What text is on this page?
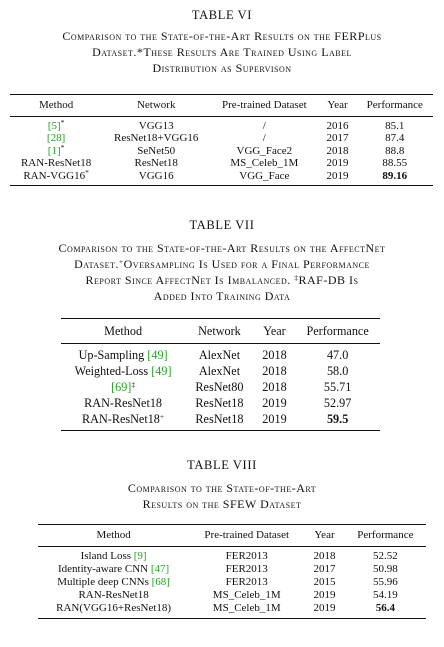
TABLE VI

Comparison to the State-of-the-Art Results on the FERPlus
Dataset.*These Results Are Trained Using Label
Distribution as Supervison

Method	Network	Pre-trained Dataset	Year	Performance
[5]*	VGG13	/	2016	85.1
[28]	ResNet18+VGG16	/	2017	87.4
[1]*	SeNet50	VGG_Face2	2018	88.8
RAN-ResNet18	ResNet18	MS_Celeb_1M	2019	88.55
RAN-VGG16*	VGG16	VGG_Face	2019	89.16

TABLE VII

Comparison to the State-of-the-Art Results on the AffectNet
Dataset.+Oversampling Is Used for a Final Performance
Report Since AffectNet Is Imbalanced. ‡RAF-DB Is
Added Into Training Data

Method	Network	Year	Performance
Up-Sampling [49]	AlexNet	2018	47.0
Weighted-Loss [49]	AlexNet	2018	58.0
[69]‡	ResNet80	2018	55.71
RAN-ResNet18	ResNet18	2019	52.97
RAN-ResNet18+	ResNet18	2019	59.5

TABLE VIII

Comparison to the State-of-the-Art
Results on the SFEW Dataset

Method	Pre-trained Dataset	Year	Performance
Island Loss [9]	FER2013	2018	52.52
Identity-aware CNN [47]	FER2013	2017	50.98
Multiple deep CNNs [68]	FER2013	2015	55.96
RAN-ResNet18	MS_Celeb_1M	2019	54.19
RAN(VGG16+ResNet18)	MS_Celeb_1M	2019	56.4
